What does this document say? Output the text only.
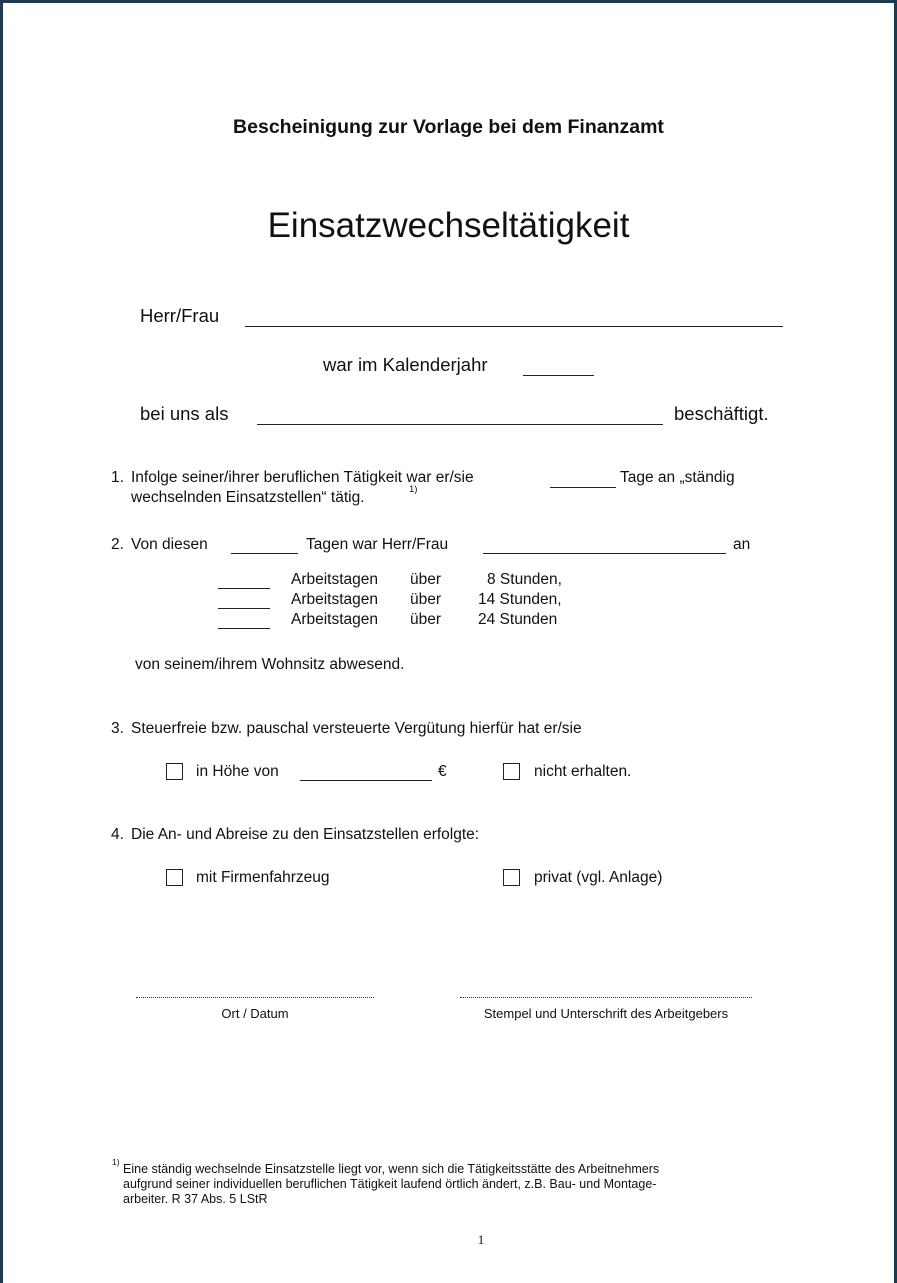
Bescheinigung zur Vorlage bei dem Finanzamt
Einsatzwechseltätigkeit
Herr/Frau
war im Kalenderjahr
bei uns als	beschäftigt.
1. Infolge seiner/ihrer beruflichen Tätigkeit war er/sie	Tage an „ständig
wechselnden Einsatzstellen“ tätig.	1)
2. Von diesen	Tagen war Herr/Frau	an
Arbeitstagen über	8 Stunden,
Arbeitstagen über 14 Stunden,
Arbeitstagen über 24 Stunden
von seinem/ihrem Wohnsitz abwesend.
3. Steuerfreie bzw. pauschal versteuerte Vergütung hierfür hat er/sie
in Höhe von	€	nicht erhalten.
4. Die An- und Abreise zu den Einsatzstellen erfolgte:
mit Firmenfahrzeug	privat (vgl. Anlage)
Ort / Datum	Stempel und Unterschrift des Arbeitgebers
1) Eine ständig wechselnde Einsatzstelle liegt vor, wenn sich die Tätigkeitsstätte des Arbeitnehmers
aufgrund seiner individuellen beruflichen Tätigkeit laufend örtlich ändert, z.B. Bau- und Montage-
arbeiter. R 37 Abs. 5 LStR
1
